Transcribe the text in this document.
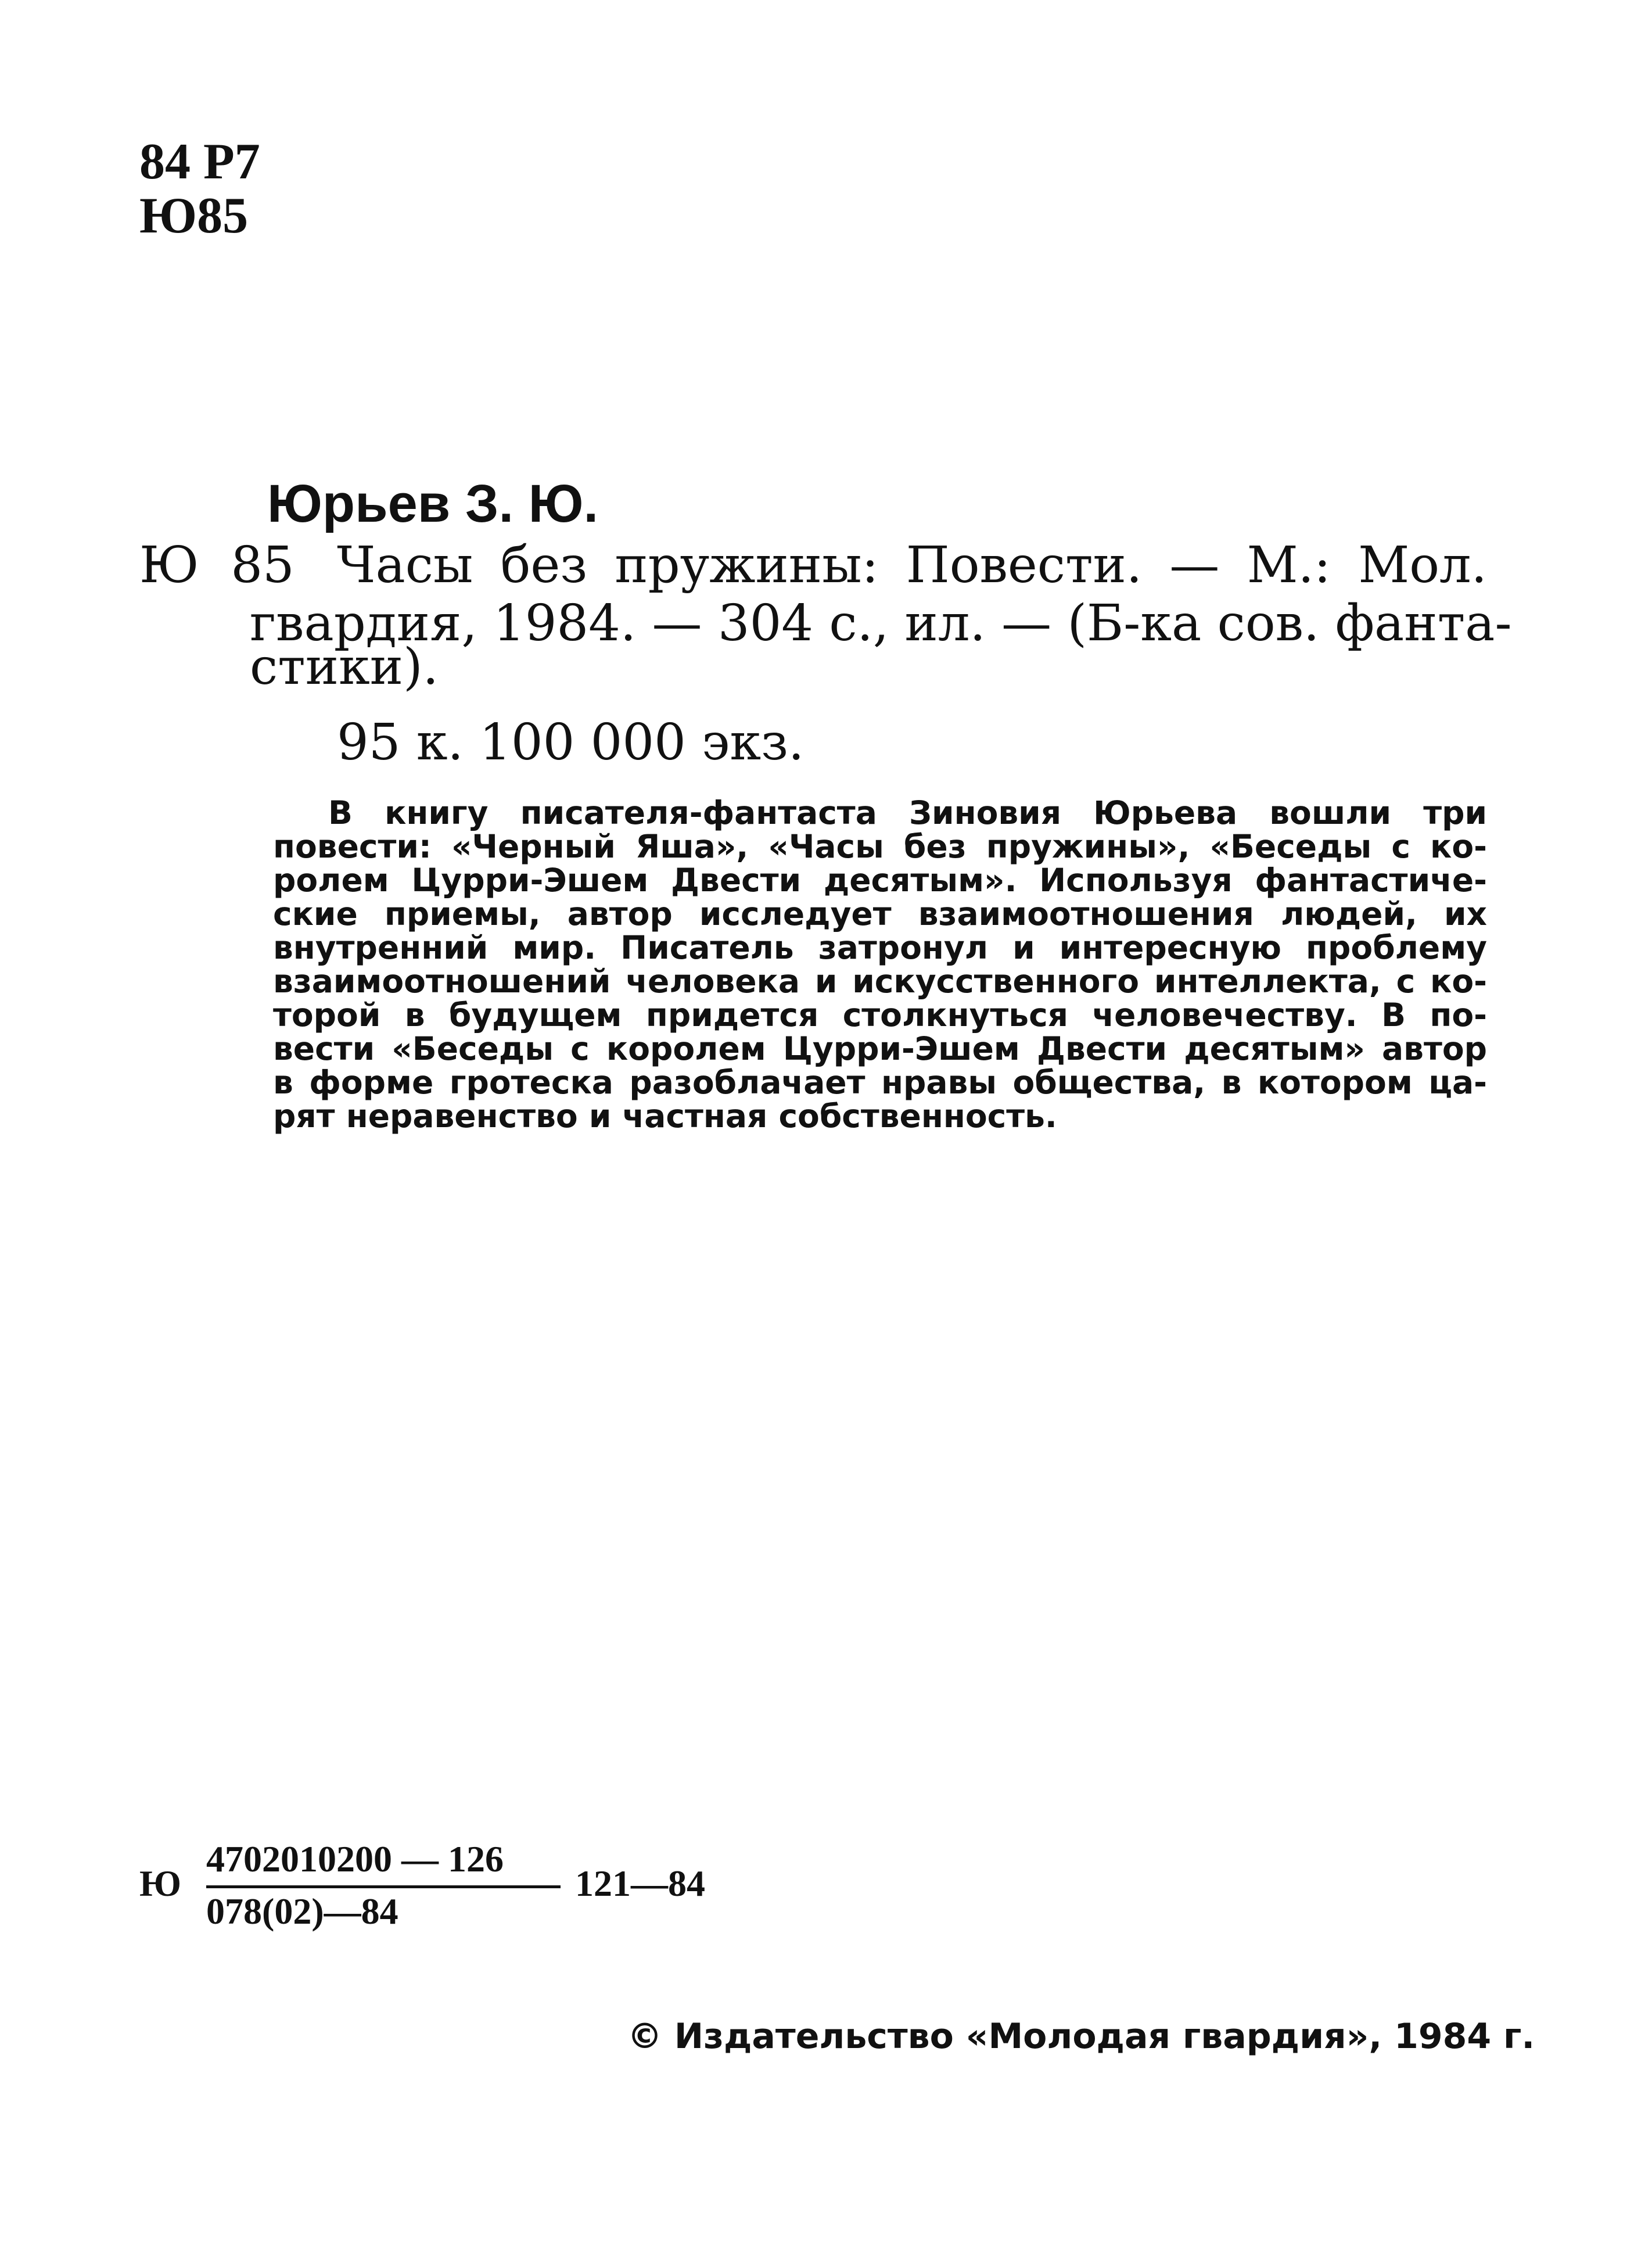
84 Р7
Ю85
Юрьев З. Ю.
Ю 85 Часы без пружины: Повести. — М.: Мол.
гвардия, 1984. — 304 с., ил. — (Б-ка сов. фанта-
стики).
95 к. 100 000 экз.
В книгу писателя-фантаста Зиновия Юрьева вошли три
повести: «Черный Яша», «Часы без пружины», «Беседы с ко-
ролем Цурри-Эшем Двести десятым». Используя фантастиче-
ские приемы, автор исследует взаимоотношения людей, их
внутренний мир. Писатель затронул и интересную проблему
взаимоотношений человека и искусственного интеллекта, с ко-
торой в будущем придется столкнуться человечеству. В по-
вести «Беседы с королем Цурри-Эшем Двести десятым» автор
в форме гротеска разоблачает нравы общества, в котором ца-
рят неравенство и частная собственность.
Ю
4702010200 — 126
078(02)—84
121—84
© Издательство «Молодая гвардия», 1984 г.
